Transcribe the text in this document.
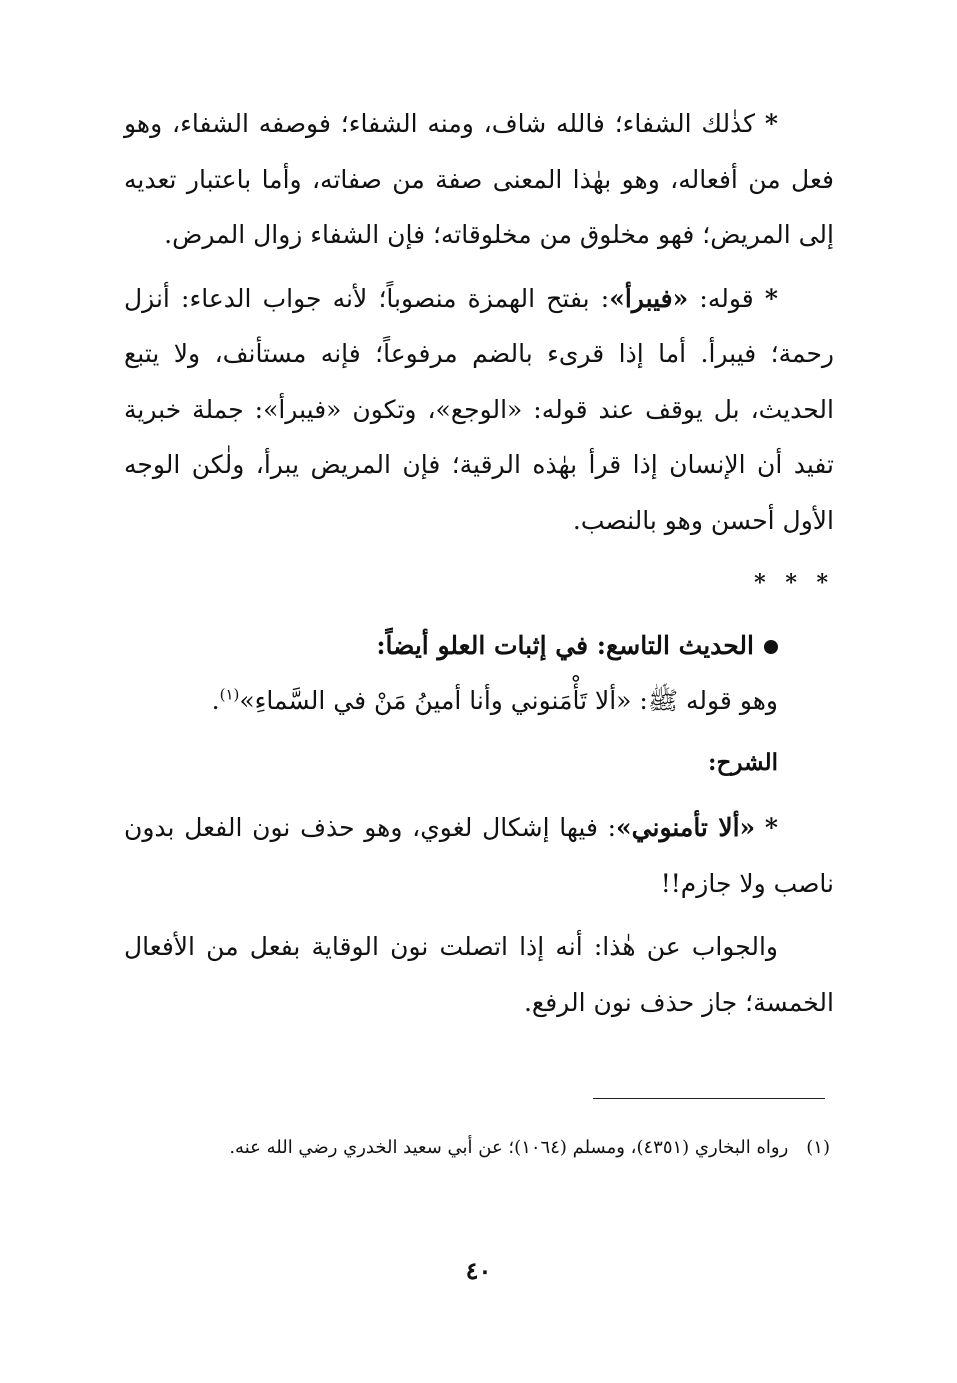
* كذٰلك الشفاء؛ فالله شاف، ومنه الشفاء؛ فوصفه الشفاء، وهو فعل من أفعاله، وهو بهٰذا المعنى صفة من صفاته، وأما باعتبار تعديه إلى المريض؛ فهو مخلوق من مخلوقاته؛ فإن الشفاء زوال المرض.

* قوله: «فيبرأ»: بفتح الهمزة منصوباً؛ لأنه جواب الدعاء: أنزل رحمة؛ فيبرأ. أما إذا قرىء بالضم مرفوعاً؛ فإنه مستأنف، ولا يتبع الحديث، بل يوقف عند قوله: «الوجع»، وتكون «فيبرأ»: جملة خبرية تفيد أن الإنسان إذا قرأ بهٰذه الرقية؛ فإن المريض يبرأ، ولٰكن الوجه الأول أحسن وهو بالنصب.

* * *

الحديث التاسع: في إثبات العلو أيضاً:

وهو قوله ﷺ: «ألا تَأْمَنوني وأنا أمينُ مَنْ في السَّماءِ»$^{(١)}$.

الشرح:

* «ألا تأمنوني»: فيها إشكال لغوي، وهو حذف نون الفعل بدون ناصب ولا جازم!!

والجواب عن هٰذا: أنه إذا اتصلت نون الوقاية بفعل من الأفعال الخمسة؛ جاز حذف نون الرفع.

(١)رواه البخاري (٤٣٥١)، ومسلم (١٠٦٤)؛ عن أبي سعيد الخدري رضي الله عنه.
٤٠
